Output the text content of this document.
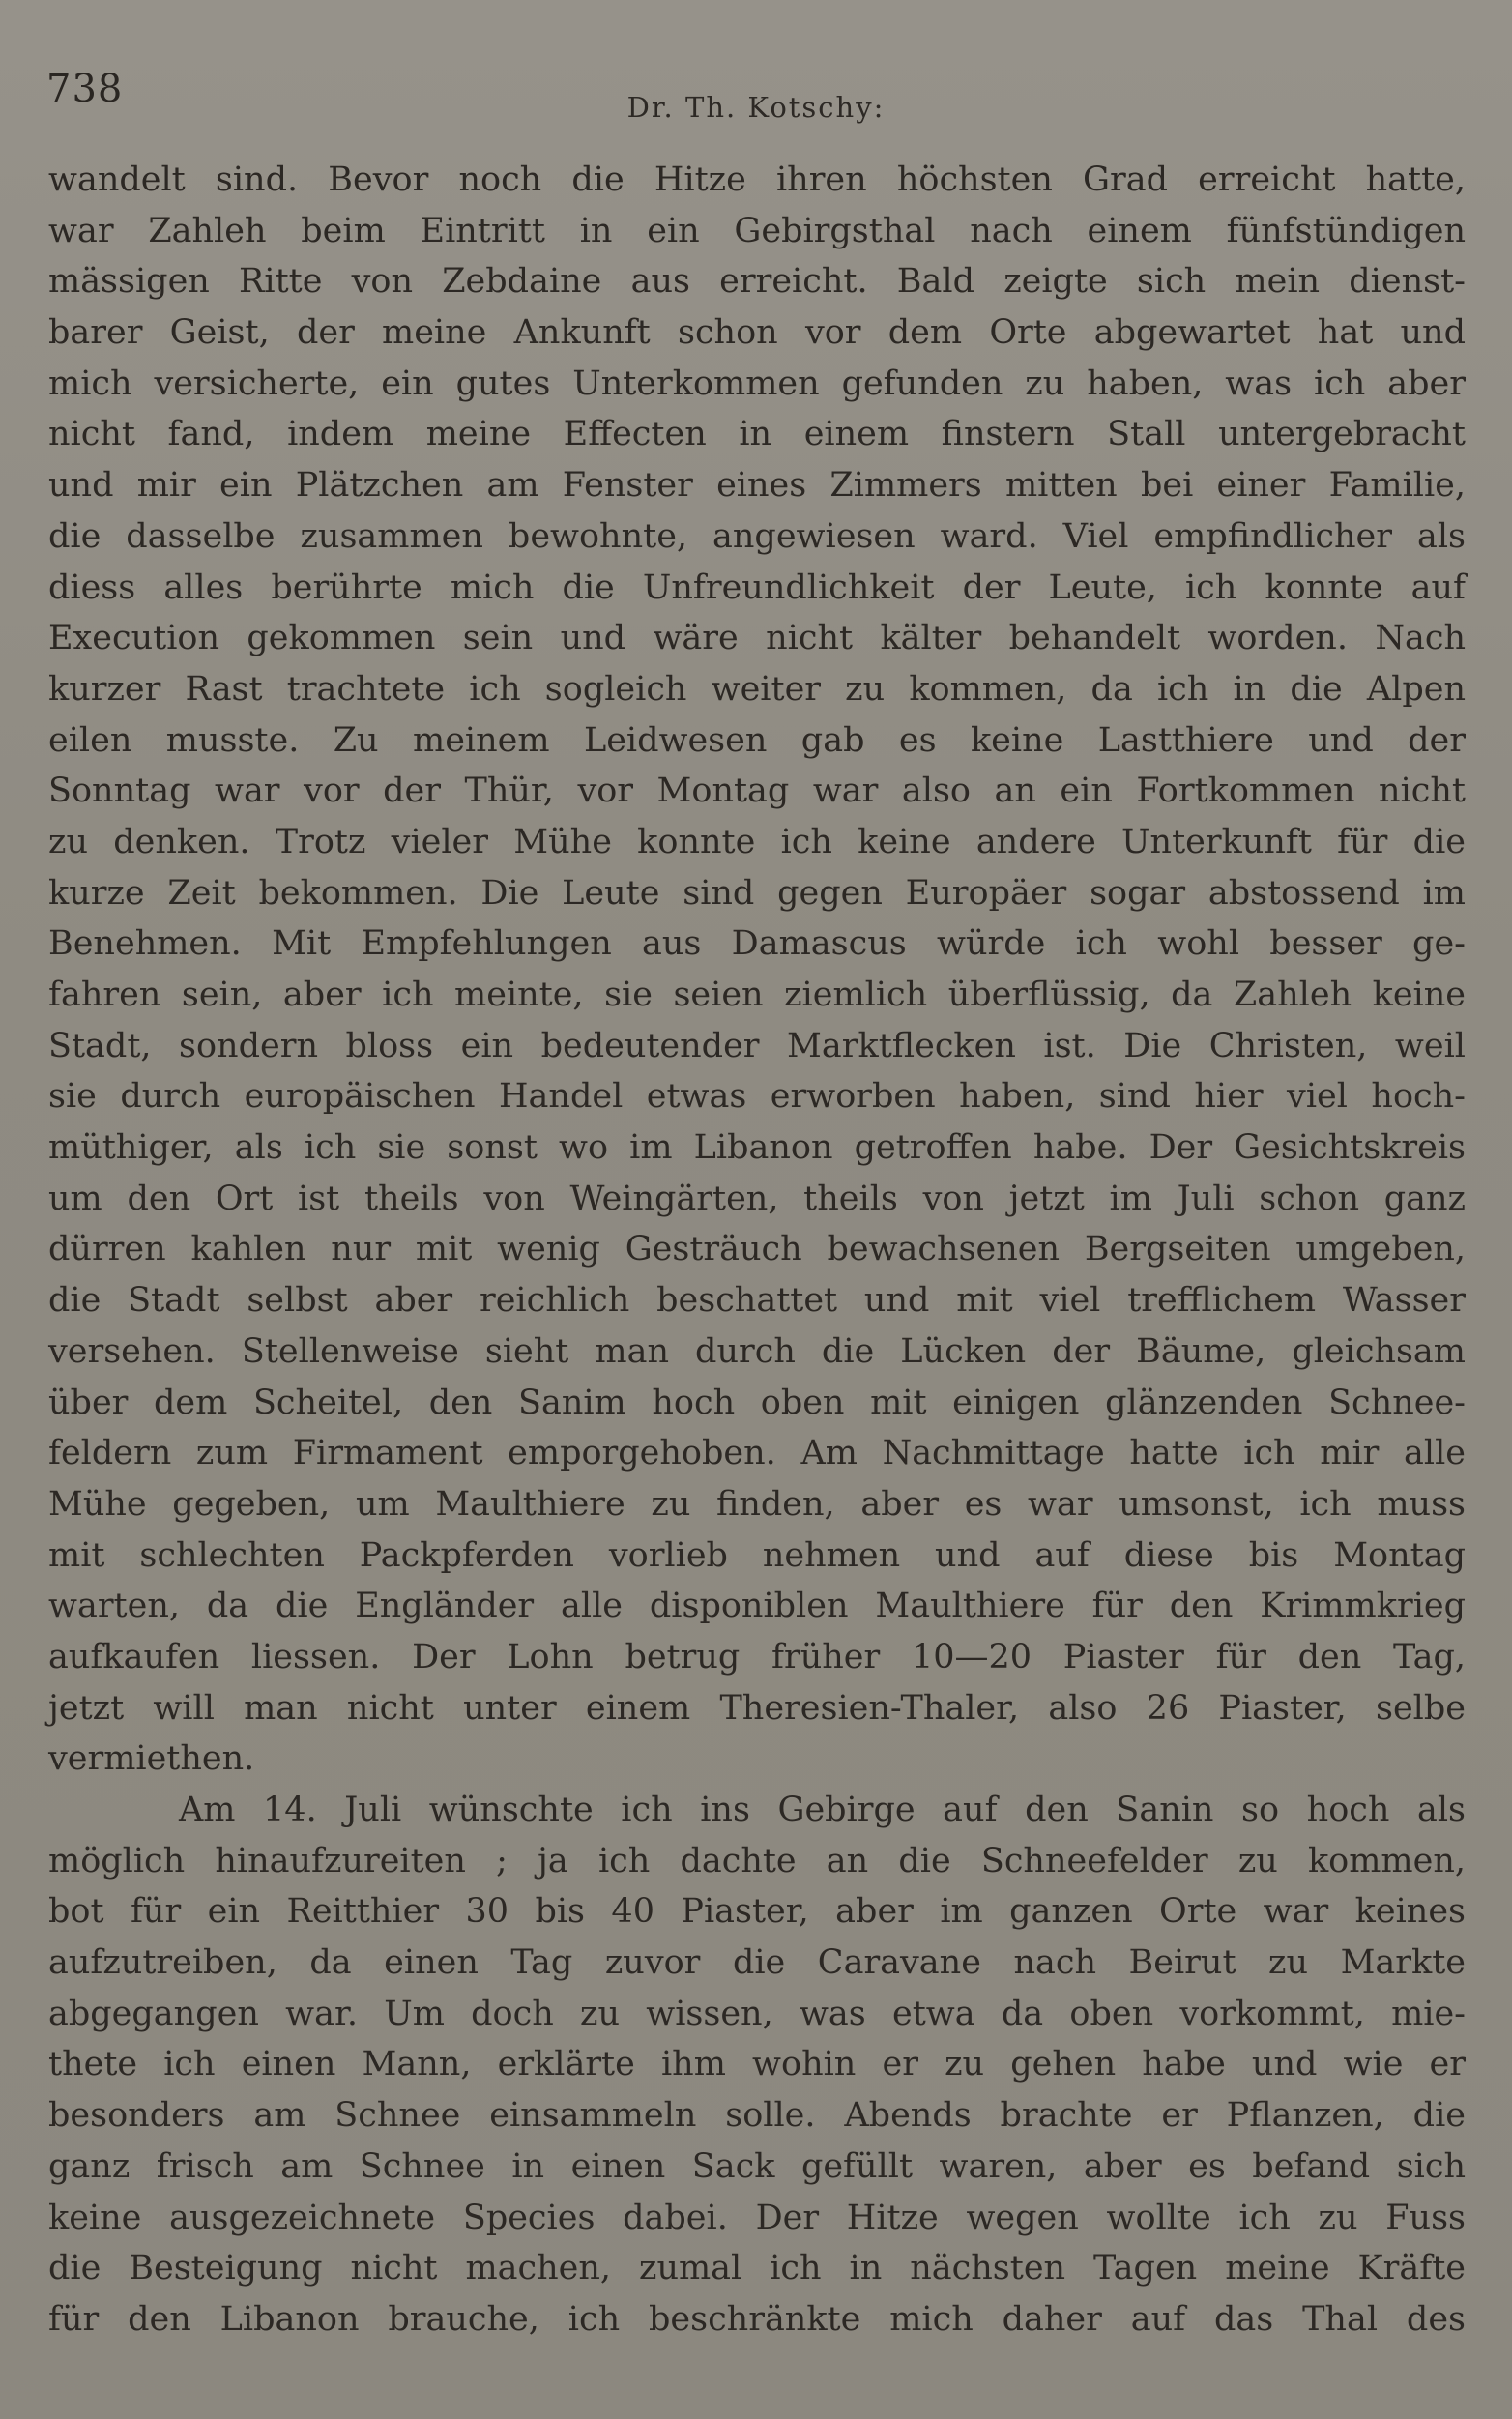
738	Dr. Th. Kotschy:
wandelt sind. Bevor noch die Hitze ihren höchsten Grad erreicht hatte,
war Zahleh beim Eintritt in ein Gebirgsthal nach einem fünfstündigen
mässigen Ritte von Zebdaine aus erreicht. Bald zeigte sich mein dienst-
barer Geist, der meine Ankunft schon vor dem Orte abgewartet hat und
mich versicherte, ein gutes Unterkommen gefunden zu haben, was ich aber
nicht fand, indem meine Effecten in einem finstern Stall untergebracht
und mir ein Plätzchen am Fenster eines Zimmers mitten bei einer Familie,
die dasselbe zusammen bewohnte, angewiesen ward. Viel empfindlicher als
diess alles berührte mich die Unfreundlichkeit der Leute, ich konnte auf
Execution gekommen sein und wäre nicht kälter behandelt worden. Nach
kurzer Rast trachtete ich sogleich weiter zu kommen, da ich in die Alpen
eilen musste. Zu meinem Leidwesen gab es keine Lastthiere und der
Sonntag war vor der Thür, vor Montag war also an ein Fortkommen nicht
zu denken. Trotz vieler Mühe konnte ich keine andere Unterkunft für die
kurze Zeit bekommen. Die Leute sind gegen Europäer sogar abstossend im
Benehmen. Mit Empfehlungen aus Damascus würde ich wohl besser ge-
fahren sein, aber ich meinte, sie seien ziemlich überflüssig, da Zahleh keine
Stadt, sondern bloss ein bedeutender Marktflecken ist. Die Christen, weil
sie durch europäischen Handel etwas erworben haben, sind hier viel hoch-
müthiger, als ich sie sonst wo im Libanon getroffen habe. Der Gesichtskreis
um den Ort ist theils von Weingärten, theils von jetzt im Juli schon ganz
dürren kahlen nur mit wenig Gesträuch bewachsenen Bergseiten umgeben,
die Stadt selbst aber reichlich beschattet und mit viel trefflichem Wasser
versehen. Stellenweise sieht man durch die Lücken der Bäume, gleichsam
über dem Scheitel, den Sanim hoch oben mit einigen glänzenden Schnee-
feldern zum Firmament emporgehoben. Am Nachmittage hatte ich mir alle
Mühe gegeben, um Maulthiere zu finden, aber es war umsonst, ich muss
mit schlechten Packpferden vorlieb nehmen und auf diese bis Montag
warten, da die Engländer alle disponiblen Maulthiere für den Krimmkrieg
aufkaufen liessen. Der Lohn betrug früher 10—20 Piaster für den Tag,
jetzt will man nicht unter einem Theresien-Thaler, also 26 Piaster, selbe
vermiethen.
Am 14. Juli wünschte ich ins Gebirge auf den Sanin so hoch als
möglich hinaufzureiten ; ja ich dachte an die Schneefelder zu kommen,
bot für ein Reitthier 30 bis 40 Piaster, aber im ganzen Orte war keines
aufzutreiben, da einen Tag zuvor die Caravane nach Beirut zu Markte
abgegangen war. Um doch zu wissen, was etwa da oben vorkommt, mie-
thete ich einen Mann, erklärte ihm wohin er zu gehen habe und wie er
besonders am Schnee einsammeln solle. Abends brachte er Pflanzen, die
ganz frisch am Schnee in einen Sack gefüllt waren, aber es befand sich
keine ausgezeichnete Species dabei. Der Hitze wegen wollte ich zu Fuss
die Besteigung nicht machen, zumal ich in nächsten Tagen meine Kräfte
für den Libanon brauche, ich beschränkte mich daher auf das Thal des
